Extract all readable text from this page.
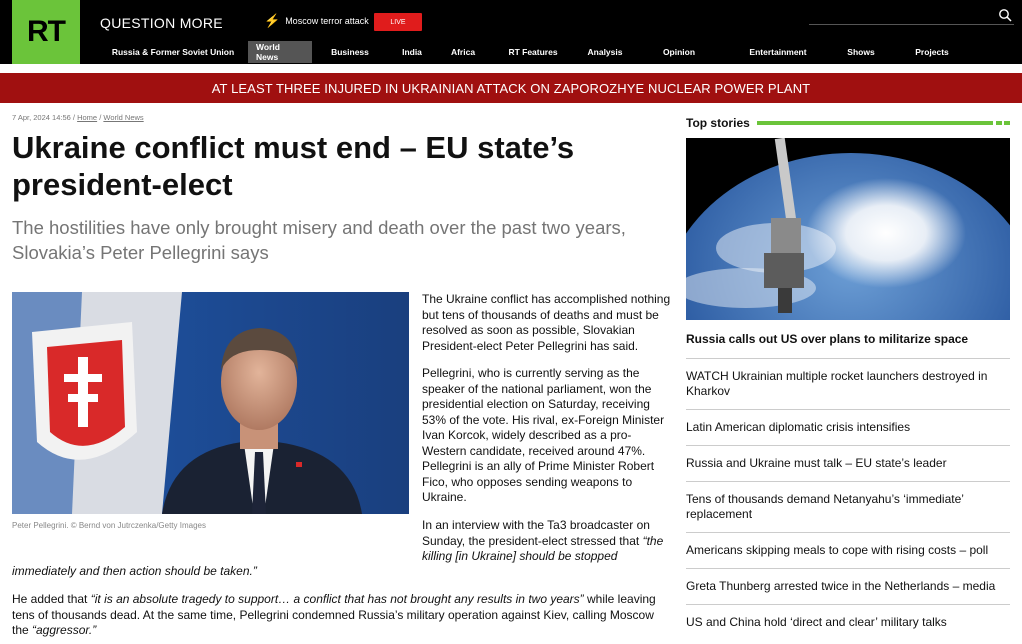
RT	QUESTION MORE	⚡ Moscow terror attack	LIVE
Russia & Former Soviet Union	World News	Business	India	Africa	RT Features	Analysis	Opinion	Entertainment	Shows	Projects
AT LEAST THREE INJURED IN UKRAINIAN ATTACK ON ZAPOROZHYE NUCLEAR POWER PLANT
7 Apr, 2024 14:56 / Home / World News
Ukraine conflict must end – EU state’s president-elect
The hostilities have only brought misery and death over the past two years, Slovakia’s Peter Pellegrini says
Peter Pellegrini. © Bernd von Jutrczenka/Getty Images

The Ukraine conflict has accomplished nothing but tens of thousands of deaths and must be resolved as soon as possible, Slovakian President-elect Peter Pellegrini has said.

Pellegrini, who is currently serving as the speaker of the national parliament, won the presidential election on Saturday, receiving 53% of the vote. His rival, ex-Foreign Minister Ivan Korcok, widely described as a pro-Western candidate, received around 47%. Pellegrini is an ally of Prime Minister Robert Fico, who opposes sending weapons to Ukraine.

In an interview with the Ta3 broadcaster on Sunday, the president-elect stressed that “the killing [in Ukraine] should be stopped

immediately and then action should be taken.”

He added that “it is an absolute tragedy to support… a conflict that has not brought any results in two years” while leaving tens of thousands dead. At the same time, Pellegrini condemned Russia’s military operation against Kiev, calling Moscow the “aggressor.”

Top stories
Russia calls out US over plans to militarize space
WATCH Ukrainian multiple rocket launchers destroyed in Kharkov
Latin American diplomatic crisis intensifies
Russia and Ukraine must talk – EU state’s leader
Tens of thousands demand Netanyahu’s ‘immediate’ replacement
Americans skipping meals to cope with rising costs – poll
Greta Thunberg arrested twice in the Netherlands – media
US and China hold ‘direct and clear’ military talks
